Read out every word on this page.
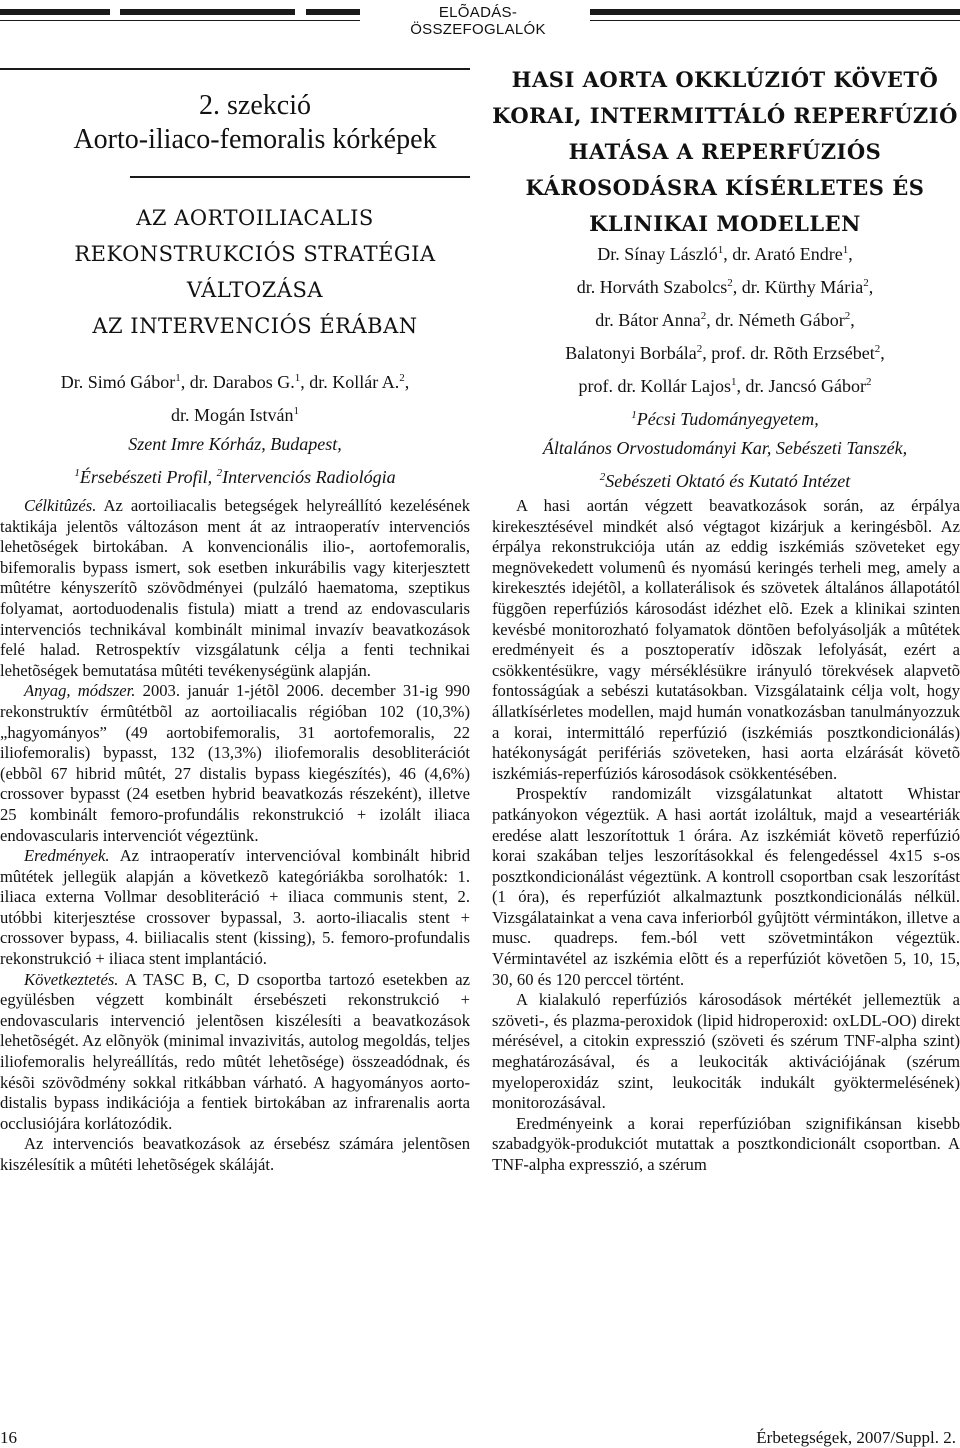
ELÕADÁS-ÖSSZEFOGLALÓK
2. szekció
Aorto-iliaco-femoralis kórképek
AZ AORTOILIACALIS
REKONSTRUKCIÓS STRATÉGIA
VÁLTOZÁSA
AZ INTERVENCIÓS ÉRÁBAN
Dr. Simó Gábor$^1$, dr. Darabos G.$^1$, dr. Kollár A.$^2$,
dr. Mogán István$^1$
Szent Imre Kórház, Budapest,
$^1$Érsebészeti Profil, $^2$Intervenciós Radiológia
HASI AORTA OKKLÚZIÓT KÖVETÕ
KORAI, INTERMITTÁLÓ REPERFÚZIÓ
HATÁSA A REPERFÚZIÓS
KÁROSODÁSRA KÍSÉRLETES ÉS
KLINIKAI MODELLEN
Dr. Sínay László$^1$, dr. Arató Endre$^1$,
dr. Horváth Szabolcs$^2$, dr. Kürthy Mária$^2$,
dr. Bátor Anna$^2$, dr. Németh Gábor$^2$,
Balatonyi Borbála$^2$, prof. dr. Rõth Erzsébet$^2$,
prof. dr. Kollár Lajos$^1$, dr. Jancsó Gábor$^2$
$^1$Pécsi Tudományegyetem,
Általános Orvostudományi Kar, Sebészeti Tanszék,
$^2$Sebészeti Oktató és Kutató Intézet

Célkitûzés. Az aortoiliacalis betegségek helyreállító kezelésének taktikája jelentõs változáson ment át az intraoperatív intervenciós lehetõségek birtokában. A konvencionális ilio-, aortofemoralis, bifemoralis bypass ismert, sok esetben inkurábilis vagy kiterjesztett mûtétre kényszerítõ szövõdményei (pulzáló haematoma, szeptikus folyamat, aortoduodenalis fistula) miatt a trend az endovascularis intervenciós technikával kombinált minimal invazív beavatkozások felé halad. Retrospektív vizsgálatunk célja a fenti technikai lehetõségek bemutatása mûtéti tevékenységünk alapján.

Anyag, módszer. 2003. január 1-jétõl 2006. december 31-ig 990 rekonstruktív érmûtétbõl az aortoiliacalis régióban 102 (10,3%) „hagyományos” (49 aortobifemoralis, 31 aortofemoralis, 22 iliofemoralis) bypasst, 132 (13,3%) iliofemoralis desobliterációt (ebbõl 67 hibrid mûtét, 27 distalis bypass kiegészítés), 46 (4,6%) crossover bypasst (24 esetben hybrid beavatkozás részeként), illetve 25 kombinált femoro-profundális rekonstrukció + izolált iliaca endovascularis intervenciót végeztünk.

Eredmények. Az intraoperatív intervencióval kombinált hibrid mûtétek jellegük alapján a következõ kategóriákba sorolhatók: 1. iliaca externa Vollmar desobliteráció + iliaca communis stent, 2. utóbbi kiterjesztése crossover bypassal, 3. aorto-iliacalis stent + crossover bypass, 4. biiliacalis stent (kissing), 5. femoro-profundalis rekonstrukció + iliaca stent implantáció.

Következtetés. A TASC B, C, D csoportba tartozó esetekben az együlésben végzett kombinált érsebészeti rekonstrukció + endovascularis intervenció jelentõsen kiszélesíti a beavatkozások lehetõségét. Az elõnyök (minimal invazivitás, autolog megoldás, teljes iliofemoralis helyreállítás, redo mûtét lehetõsége) összeadódnak, és késõi szövõdmény sokkal ritkábban várható. A hagyományos aorto-distalis bypass indikációja a fentiek birtokában az infrarenalis aorta occlusiójára korlátozódik.

Az intervenciós beavatkozások az érsebész számára jelentõsen kiszélesítik a mûtéti lehetõségek skáláját.

A hasi aortán végzett beavatkozások során, az érpálya kirekesztésével mindkét alsó végtagot kizárjuk a keringésbõl. Az érpálya rekonstrukciója után az eddig iszkémiás szöveteket egy megnövekedett volumenû és nyomású keringés terheli meg, amely a kirekesztés idejétõl, a kollaterálisok és szövetek általános állapotától függõen reperfúziós károsodást idézhet elõ. Ezek a klinikai szinten kevésbé monitorozható folyamatok döntõen befolyásolják a mûtétek eredményeit és a posztoperatív idõszak lefolyását, ezért a csökkentésükre, vagy mérséklésükre irányuló törekvések alapvetõ fontosságúak a sebészi kutatásokban. Vizsgálataink célja volt, hogy állatkísérletes modellen, majd humán vonatkozásban tanulmányozzuk a korai, intermittáló reperfúzió (iszkémiás posztkondicionálás) hatékonyságát perifériás szöveteken, hasi aorta elzárását követõ iszkémiás-reperfúziós károsodások csökkentésében.

Prospektív randomizált vizsgálatunkat altatott Whistar patkányokon végeztük. A hasi aortát izoláltuk, majd a veseartériák eredése alatt leszorítottuk 1 órára. Az iszkémiát követõ reperfúzió korai szakában teljes leszorításokkal és felengedéssel 4x15 s-os posztkondicionálást végeztünk. A kontroll csoportban csak leszorítást (1 óra), és reperfúziót alkalmaztunk posztkondicionálás nélkül. Vizsgálatainkat a vena cava inferiorból gyûjtött vérmintákon, illetve a musc. quadreps. fem.-ból vett szövetmintákon végeztük. Vérmintavétel az iszkémia elõtt és a reperfúziót követõen 5, 10, 15, 30, 60 és 120 perccel történt.

A kialakuló reperfúziós károsodások mértékét jellemeztük a szöveti-, és plazma-peroxidok (lipid hidroperoxid: oxLDL-OO) direkt mérésével, a citokin expresszió (szöveti és szérum TNF-alpha szint) meghatározásával, és a leukociták aktivációjának (szérum myeloperoxidáz szint, leukociták indukált gyöktermelésének) monitorozásával.

Eredményeink a korai reperfúzióban szignifikánsan kisebb szabadgyök-produkciót mutattak a posztkondicionált csoportban. A TNF-alpha expresszió, a szérum

16	Érbetegségek, 2007/Suppl. 2.
